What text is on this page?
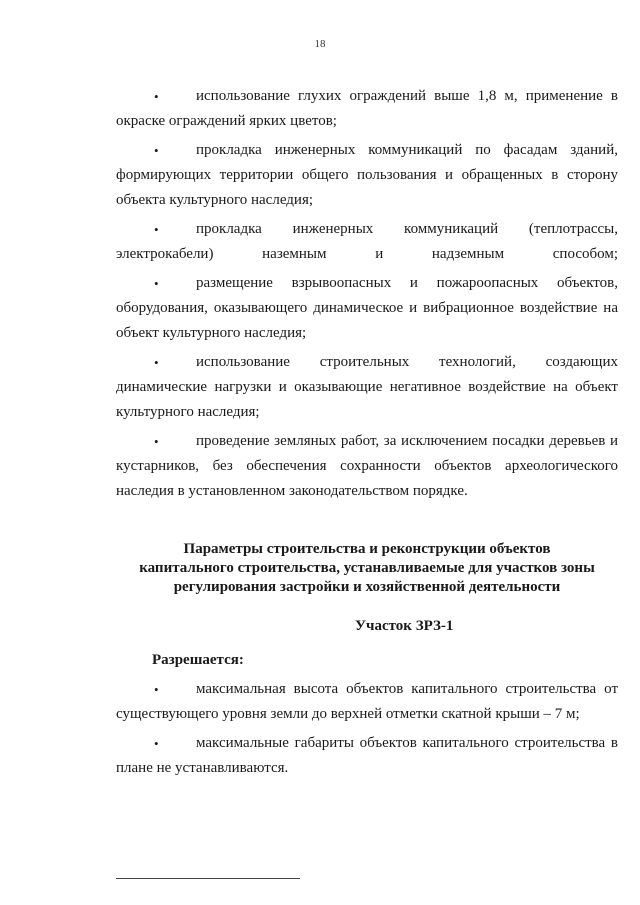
18
• использование глухих ограждений выше 1,8 м, применение в окраске ограждений ярких цветов;
• прокладка инженерных коммуникаций по фасадам зданий, формирующих территории общего пользования и обращенных в сторону объекта культурного наследия;
• прокладка инженерных коммуникаций (теплотрассы, электрокабели) наземным и надземным способом;
• размещение взрывоопасных и пожароопасных объектов, оборудования, оказывающего динамическое и вибрационное воздействие на объект культурного наследия;
• использование строительных технологий, создающих динамические нагрузки и оказывающие негативное воздействие на объект культурного наследия;
• проведение земляных работ, за исключением посадки деревьев и кустарников, без обеспечения сохранности объектов археологического наследия в установленном законодательством порядке.
Параметры строительства и реконструкции объектов
капитального строительства, устанавливаемые для участков зоны
регулирования застройки и хозяйственной деятельности
Участок ЗРЗ-1
Разрешается:
• максимальная высота объектов капитального строительства от существующего уровня земли до верхней отметки скатной крыши – 7 м;
• максимальные габариты объектов капитального строительства в плане не устанавливаются.
